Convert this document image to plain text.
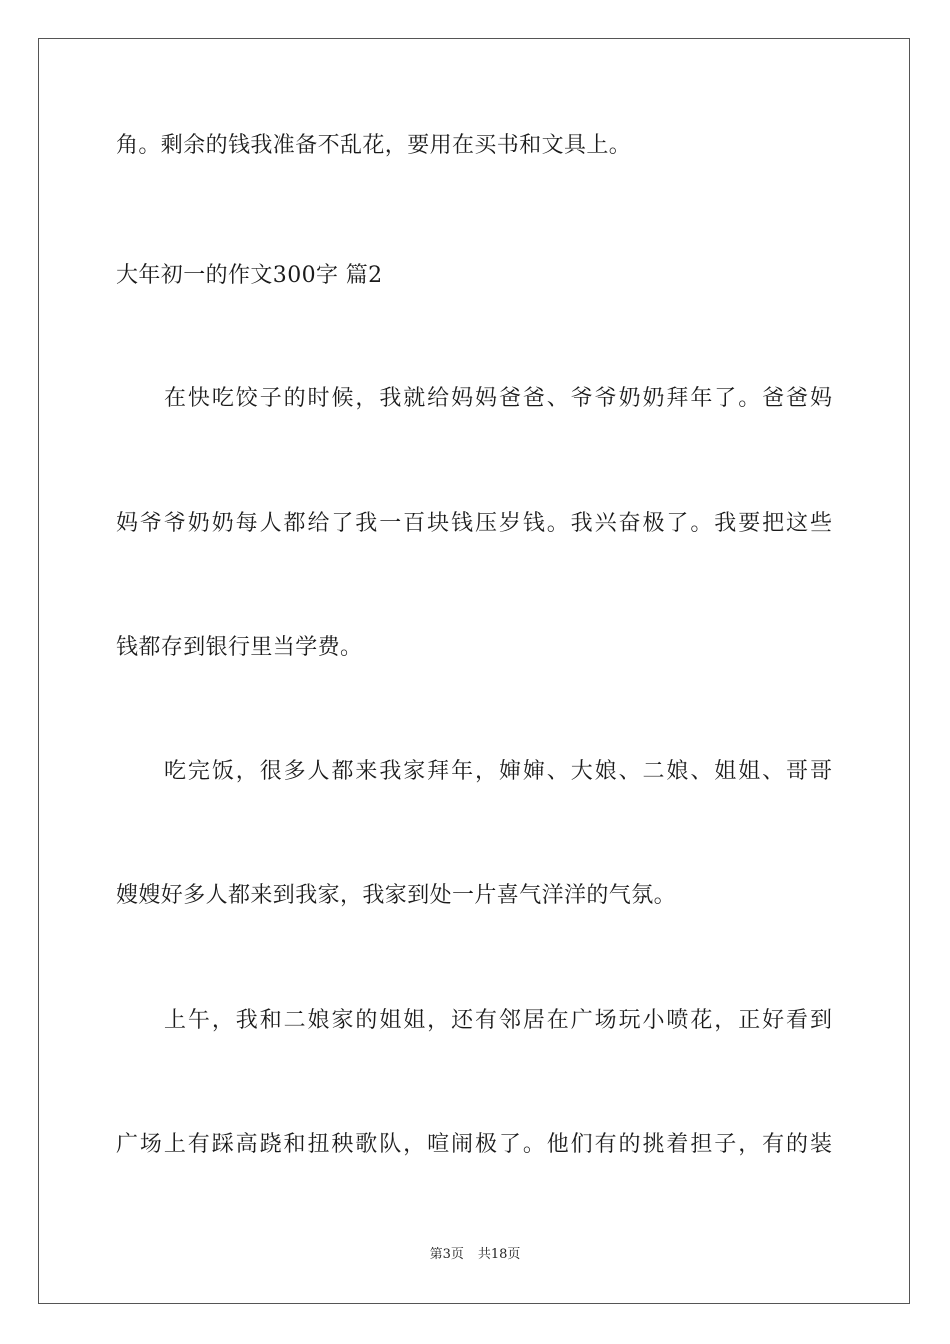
角。剩余的钱我准备不乱花，要用在买书和文具上。
大年初一的作文300字 篇2
在快吃饺子的时候，我就给妈妈爸爸、爷爷奶奶拜年了。爸爸妈
妈爷爷奶奶每人都给了我一百块钱压岁钱。我兴奋极了。我要把这些
钱都存到银行里当学费。
吃完饭，很多人都来我家拜年，婶婶、大娘、二娘、姐姐、哥哥
嫂嫂好多人都来到我家，我家到处一片喜气洋洋的气氛。
上午，我和二娘家的姐姐，还有邻居在广场玩小喷花，正好看到
广场上有踩高跷和扭秧歌队，喧闹极了。他们有的挑着担子，有的装
第3页 共18页
